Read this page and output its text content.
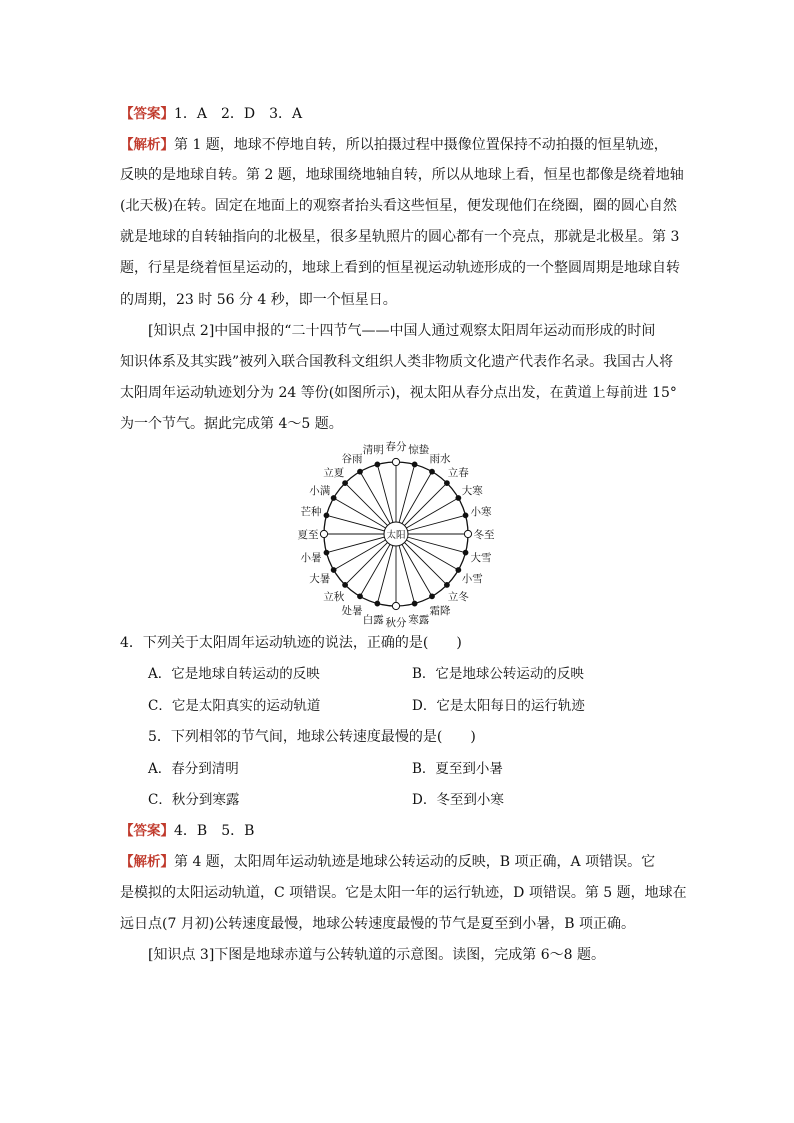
【答案】1．A　2．D　3．A
【解析】第 1 题，地球不停地自转，所以拍摄过程中摄像位置保持不动拍摄的恒星轨迹，
反映的是地球自转。第 2 题，地球围绕地轴自转，所以从地球上看，恒星也都像是绕着地轴
(北天极)在转。固定在地面上的观察者抬头看这些恒星，便发现他们在绕圈，圈的圆心自然
就是地球的自转轴指向的北极星，很多星轨照片的圆心都有一个亮点，那就是北极星。第 3
题，行星是绕着恒星运动的，地球上看到的恒星视运动轨迹形成的一个整圆周期是地球自转
的周期，23 时 56 分 4 秒，即一个恒星日。
[知识点 2]中国申报的“二十四节气——中国人通过观察太阳周年运动而形成的时间
知识体系及其实践”被列入联合国教科文组织人类非物质文化遗产代表作名录。我国古人将
太阳周年运动轨迹划分为 24 等份(如图所示)，视太阳从春分点出发，在黄道上每前进 15°
为一个节气。据此完成第 4～5 题。
春分
清明
谷雨
立夏
小满
芒种
夏至
小暑
大暑
立秋
处暑
白露 秋分 寒露
霜降
立冬
小雪
大雪
冬至
小寒
大寒
立春
雨水
惊蛰
太阳
4．下列关于太阳周年运动轨迹的说法，正确的是(　　)
A．它是地球自转运动的反映	B．它是地球公转运动的反映
C．它是太阳真实的运动轨道	D．它是太阳每日的运行轨迹
5．下列相邻的节气间，地球公转速度最慢的是(　　)
A．春分到清明	B．夏至到小暑
C．秋分到寒露	D．冬至到小寒
【答案】4．B　5．B
【解析】第 4 题，太阳周年运动轨迹是地球公转运动的反映，B 项正确，A 项错误。它
是模拟的太阳运动轨道，C 项错误。它是太阳一年的运行轨迹，D 项错误。第 5 题，地球在
远日点(7 月初)公转速度最慢，地球公转速度最慢的节气是夏至到小暑，B 项正确。
[知识点 3]下图是地球赤道与公转轨道的示意图。读图，完成第 6～8 题。
